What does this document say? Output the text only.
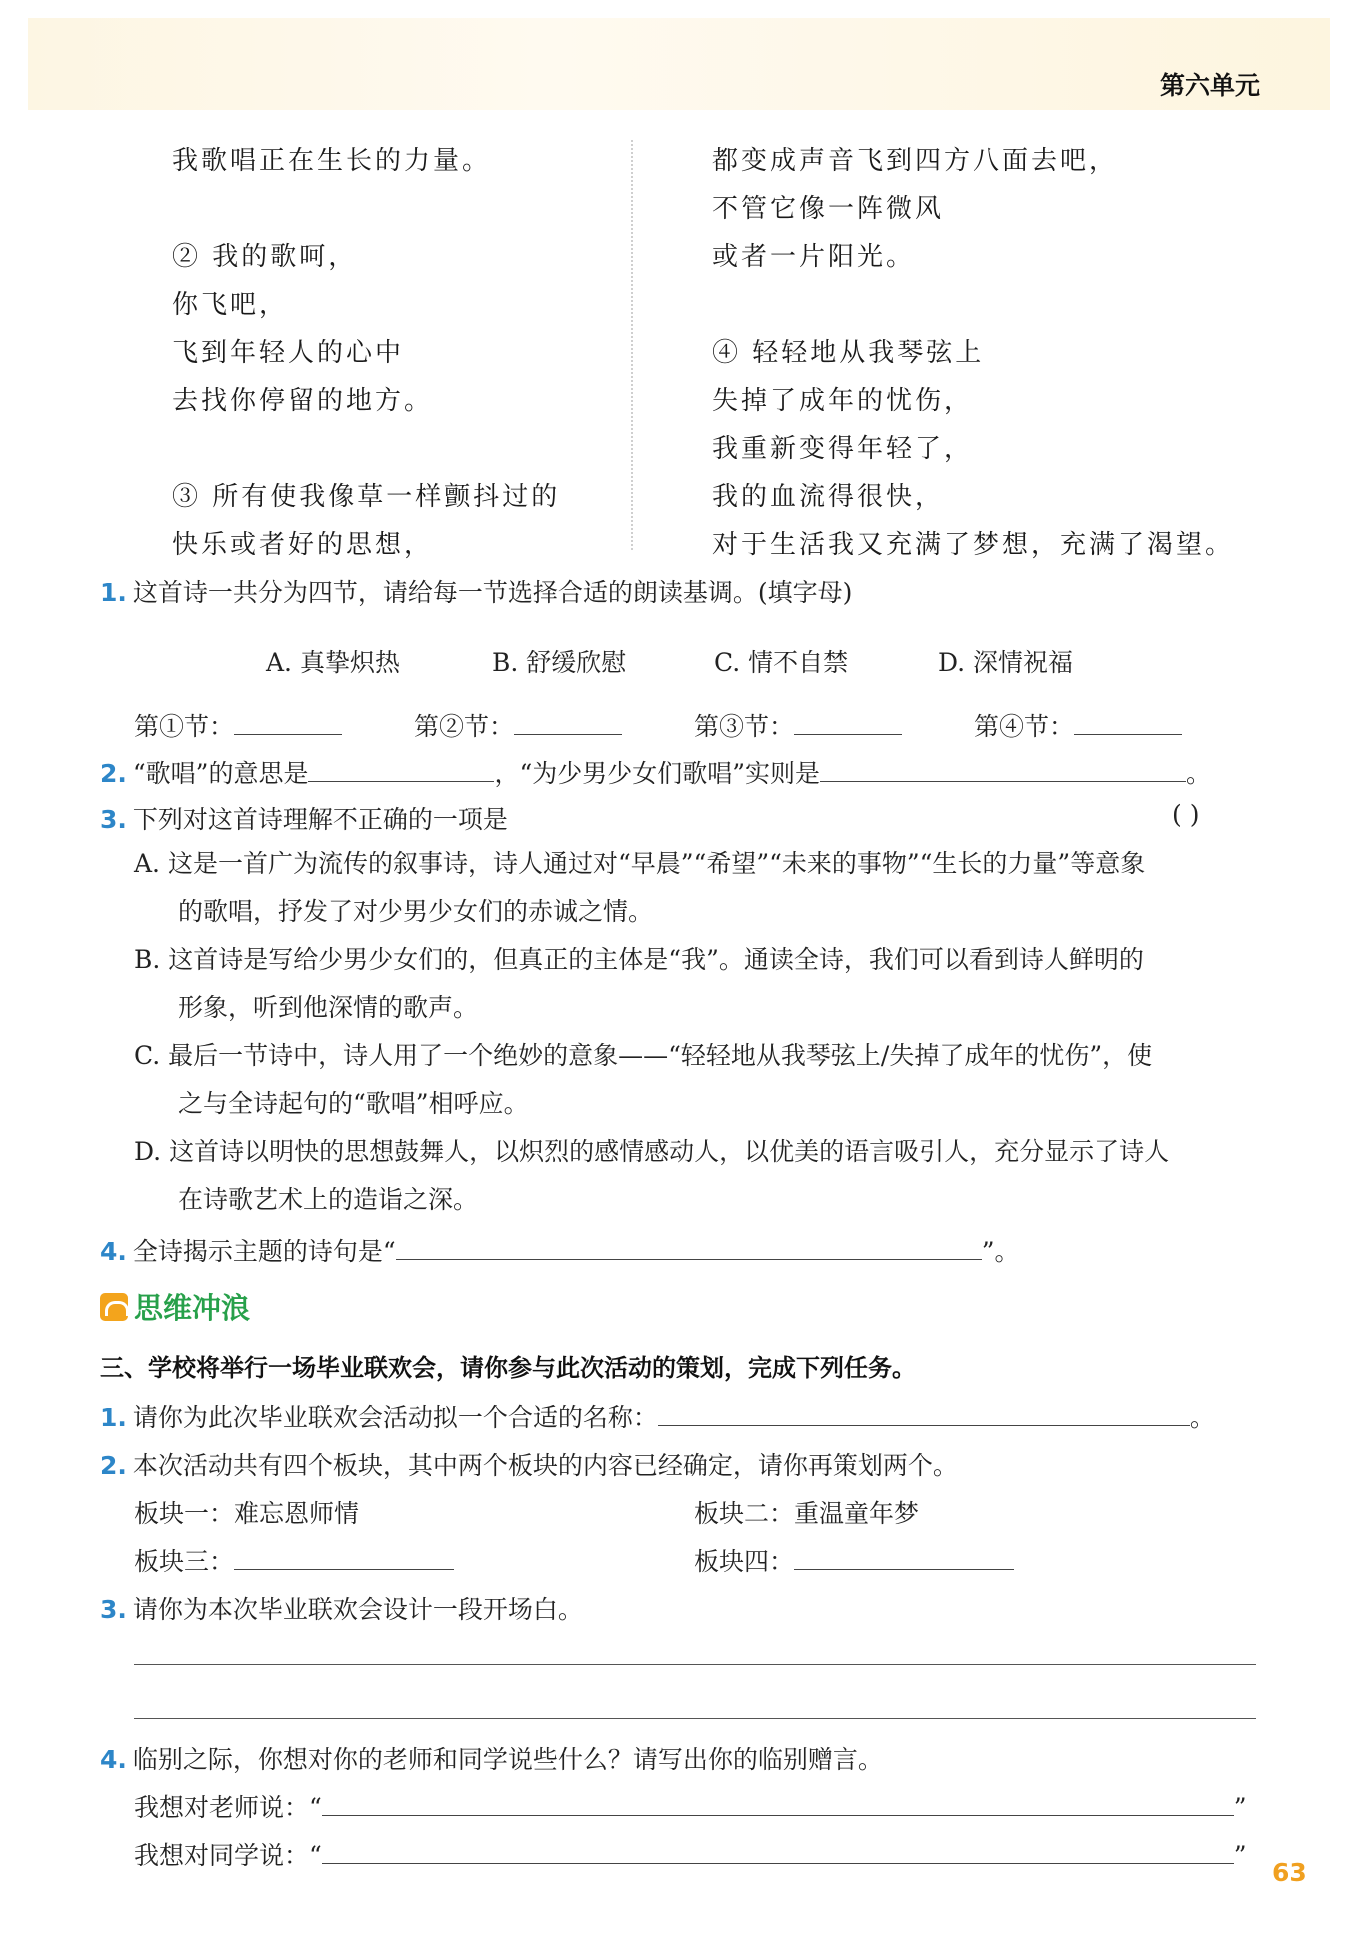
第六单元
我歌唱正在生长的力量。
② 我的歌呵，
你飞吧，
飞到年轻人的心中
去找你停留的地方。
③ 所有使我像草一样颤抖过的
快乐或者好的思想，
都变成声音飞到四方八面去吧，
不管它像一阵微风
或者一片阳光。
④ 轻轻地从我琴弦上
失掉了成年的忧伤，
我重新变得年轻了，
我的血流得很快，
对于生活我又充满了梦想，充满了渴望。
1. 这首诗一共分为四节，请给每一节选择合适的朗读基调。(填字母)
A. 真挚炽热	B. 舒缓欣慰	C. 情不自禁	D. 深情祝福
第①节：	第②节：	第③节：	第④节：
2. “歌唱”的意思是	，“为少男少女们歌唱”实则是	。
3. 下列对这首诗理解不正确的一项是	( )
A. 这是一首广为流传的叙事诗，诗人通过对“早晨”“希望”“未来的事物”“生长的力量”等意象
的歌唱，抒发了对少男少女们的赤诚之情。
B. 这首诗是写给少男少女们的，但真正的主体是“我”。通读全诗，我们可以看到诗人鲜明的
形象，听到他深情的歌声。
C. 最后一节诗中，诗人用了一个绝妙的意象——“轻轻地从我琴弦上/失掉了成年的忧伤”，使
之与全诗起句的“歌唱”相呼应。
D. 这首诗以明快的思想鼓舞人，以炽烈的感情感动人，以优美的语言吸引人，充分显示了诗人
在诗歌艺术上的造诣之深。
4. 全诗揭示主题的诗句是“	”。
思维冲浪
三、学校将举行一场毕业联欢会，请你参与此次活动的策划，完成下列任务。
1. 请你为此次毕业联欢会活动拟一个合适的名称：	。
2. 本次活动共有四个板块，其中两个板块的内容已经确定，请你再策划两个。
板块一：难忘恩师情	板块二：重温童年梦
板块三：	板块四：
3. 请你为本次毕业联欢会设计一段开场白。
4. 临别之际，你想对你的老师和同学说些什么？请写出你的临别赠言。
我想对老师说：“	”
我想对同学说：“	”
63
